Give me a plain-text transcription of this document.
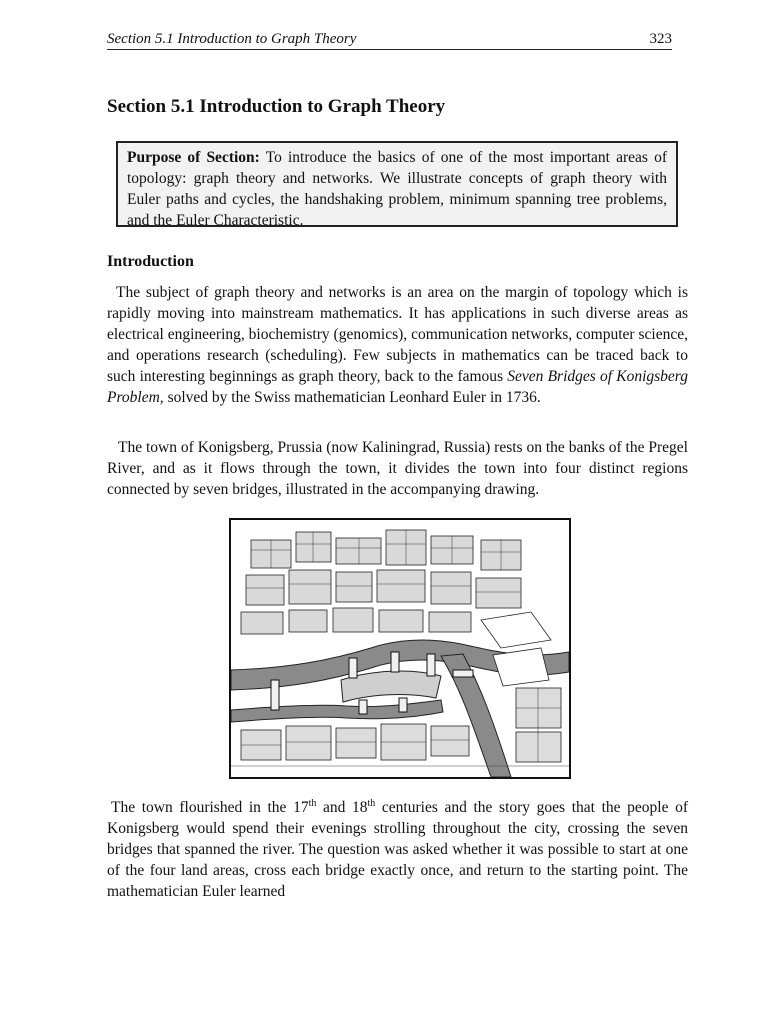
Section 5.1 Introduction to Graph Theory	323
Section 5.1 Introduction to Graph Theory
Purpose of Section: To introduce the basics of one of the most important areas of topology: graph theory and networks. We illustrate concepts of graph theory with Euler paths and cycles, the handshaking problem, minimum spanning tree problems, and the Euler Characteristic.
Introduction
The subject of graph theory and networks is an area on the margin of topology which is rapidly moving into mainstream mathematics. It has applications in such diverse areas as electrical engineering, biochemistry (genomics), communication networks, computer science, and operations research (scheduling). Few subjects in mathematics can be traced back to such interesting beginnings as graph theory, back to the famous Seven Bridges of Konigsberg Problem, solved by the Swiss mathematician Leonhard Euler in 1736.
The town of Konigsberg, Prussia (now Kaliningrad, Russia) rests on the banks of the Pregel River, and as it flows through the town, it divides the town into four distinct regions connected by seven bridges, illustrated in the accompanying drawing.
The town flourished in the 17th and 18th centuries and the story goes that the people of Konigsberg would spend their evenings strolling throughout the city, crossing the seven bridges that spanned the river. The question was asked whether it was possible to start at one of the four land areas, cross each bridge exactly once, and return to the starting point. The mathematician Euler learned
